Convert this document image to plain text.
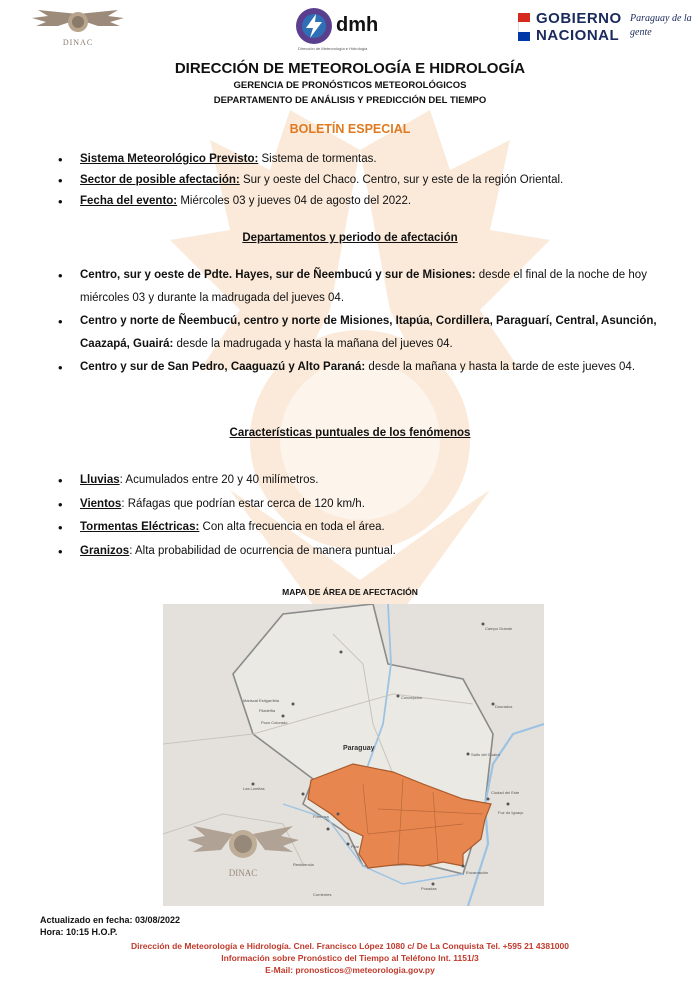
DINAC
dmh
Dirección de Meteorología e Hidrología
GOBIERNO
NACIONAL
Paraguay de la gente
DIRECCIÓN DE METEOROLOGÍA E HIDROLOGÍA
GERENCIA DE PRONÓSTICOS METEOROLÓGICOS
DEPARTAMENTO DE ANÁLISIS Y PREDICCIÓN DEL TIEMPO
BOLETÍN ESPECIAL
• Sistema Meteorológico Previsto: Sistema de tormentas.
• Sector de posible afectación: Sur y oeste del Chaco. Centro, sur y este de la región Oriental.
• Fecha del evento: Miércoles 03 y jueves 04 de agosto del 2022.
Departamentos y periodo de afectación
• Centro, sur y oeste de Pdte. Hayes, sur de Ñeembucú y sur de Misiones: desde el final de la noche de hoy miércoles 03 y durante la madrugada del jueves 04.
• Centro y norte de Ñeembucú, centro y norte de Misiones, Itapúa, Cordillera, Paraguarí, Central, Asunción, Caazapá, Guairá: desde la madrugada y hasta la mañana del jueves 04.
• Centro y sur de San Pedro, Caaguazú y Alto Paraná: desde la mañana y hasta la tarde de este jueves 04.
Características puntuales de los fenómenos
• Lluvias: Acumulados entre 20 y 40 milímetros.
• Vientos: Ráfagas que podrían estar cerca de 120 km/h.
• Tormentas Eléctricas: Con alta frecuencia en toda el área.
• Granizos: Alta probabilidad de ocurrencia de manera puntual.
MAPA DE ÁREA DE AFECTACIÓN
Paraguay
Mariscal Estigarribia
Filadelfia
Pozo Colorado
Concepción
Salto del Guairá
Ciudad del Este
Encarnación
Pilar
Resistencia
Campo Grande
Dourados
Foz do Iguaçu
Posadas
Corrientes
Formosa
Las Lomitas
DINAC
Actualizado en fecha: 03/08/2022
Hora: 10:15 H.O.P.
Dirección de Meteorología e Hidrología. Cnel. Francisco López 1080 c/ De La Conquista Tel. +595 21 4381000
Información sobre Pronóstico del Tiempo al Teléfono Int. 1151/3
E-Mail: pronosticos@meteorologia.gov.py
